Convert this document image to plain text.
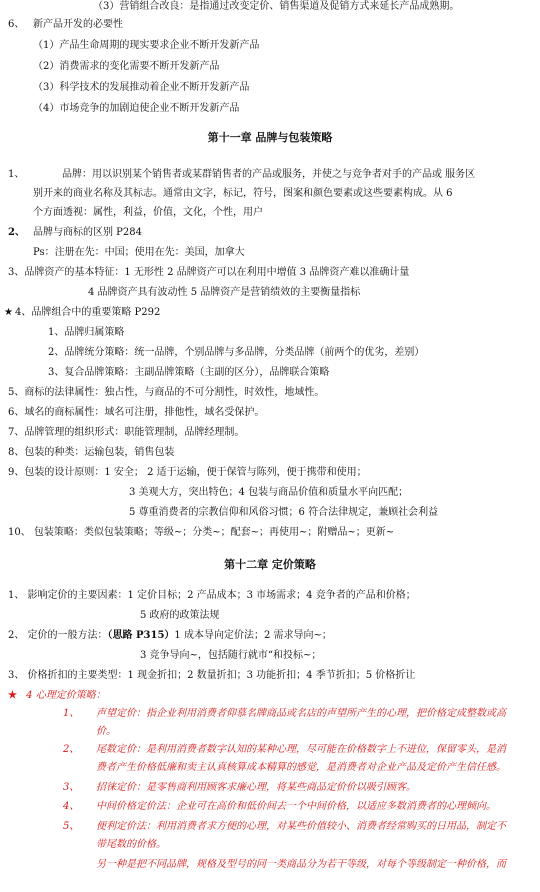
（3）营销组合改良：是指通过改变定价、销售渠道及促销方式来延长产品成熟期。
6、 新产品开发的必要性
（1）产品生命周期的现实要求企业不断开发新产品
（2）消费需求的变化需要不断开发新产品
（3）科学技术的发展推动着企业不断开发新产品
（4）市场竞争的加剧迫使企业不断开发新产品
第十一章 品牌与包装策略
1、	品牌：用以识别某个销售者或某群销售者的产品或服务，并使之与竞争者对手的产品或 服务区
别开来的商业名称及其标志。通常由文字，标记，符号，图案和颜色要素或这些要素构成。从 6
个方面透视：属性，利益，价值，文化，个性，用户
2、 品牌与商标的区别 P284
Ps：注册在先：中国；使用在先：美国，加拿大
3、品牌资产的基本特征：1 无形性 2 品牌资产可以在利用中增值 3 品牌资产难以准确计量
4 品牌资产具有波动性 5 品牌资产是营销绩效的主要衡量指标
★ 4、品牌组合中的重要策略 P292
1、品牌归属策略
2、品牌统分策略：统一品牌，个别品牌与多品牌，分类品牌（前两个的优劣，差别）
3、复合品牌策略：主副品牌策略（主副的区分），品牌联合策略
5、商标的法律属性：独占性，与商品的不可分割性，时效性，地域性。
6、域名的商标属性：域名可注册，排他性，域名受保护。
7、品牌管理的组织形式：职能管理制，品牌经理制。
8、包装的种类：运输包装，销售包装
9、包装的设计原则：1 安全； 2 适于运输，便于保管与陈列，便于携带和使用；
3 美观大方，突出特色；4 包装与商品价值和质量水平向匹配；
5 尊重消费者的宗教信仰和风俗习惯；6 符合法律规定，兼顾社会利益
10、 包装策略：类似包装策略；等级~；分类~；配套~；再使用~；附赠品~；更新~
第十二章 定价策略
1、 影响定价的主要因素：1 定价目标；2 产品成本；3 市场需求；4 竞争者的产品和价格；
5 政府的政策法规
2、 定价的一般方法：（思路 P315）1 成本导向定价法；2 需求导向~；
3 竞争导向~，包括随行就市“和投标~；
3、 价格折扣的主要类型：1 现金折扣；2 数量折扣；3 功能折扣；4 季节折扣；5 价格折让
★ 4 心理定价策略：
1、 声望定价：指企业利用消费者仰慕名牌商品或名店的声望所产生的心理，把价格定成整数或高
价。
2、 尾数定价：是利用消费者数字认知的某种心理，尽可能在价格数字上不进位，保留零头，是消
费者产生价格低廉和卖主认真核算成本精算的感觉，是消费者对企业产品及定价产生信任感。
3、 招徕定价：是零售商利用顾客求廉心理，将某些商品定价价以吸引顾客。
4、 中间价格定价法：企业可在高价和低价间去一个中间价格，以适应多数消费者的心理倾向。
5、 便利定价法：利用消费者求方便的心理，对某些价值较小、消费者经常购买的日用品，制定不
带尾数的价格。
另一种是把不同品牌，规格及型号的同一类商品分为若干等级，对每个等级制定一种价格，而
